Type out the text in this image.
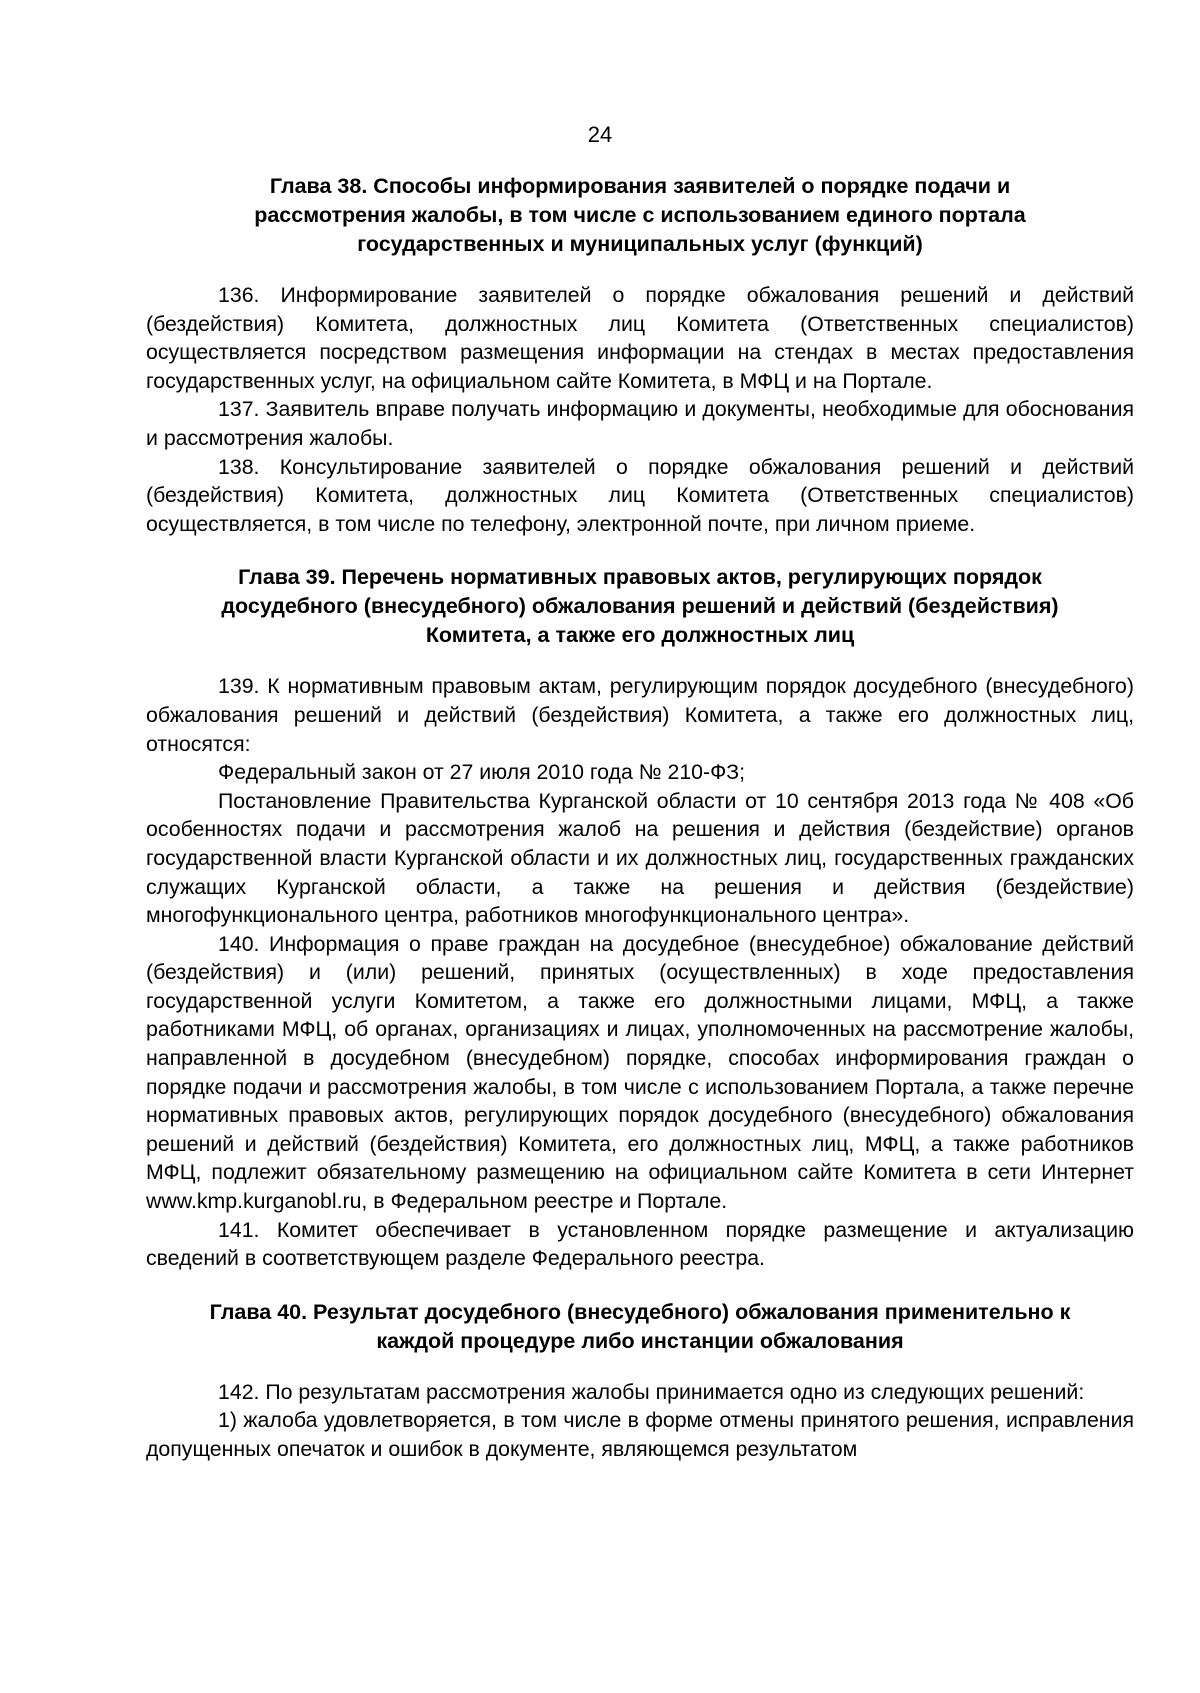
24
Глава 38. Способы информирования заявителей о порядке подачи и
рассмотрения жалобы, в том числе с использованием единого портала
государственных и муниципальных услуг (функций)

136. Информирование заявителей о порядке обжалования решений и действий (бездействия) Комитета, должностных лиц Комитета (Ответственных специалистов) осуществляется посредством размещения информации на стендах в местах предоставления государственных услуг, на официальном сайте Комитета, в МФЦ и на Портале.

137. Заявитель вправе получать информацию и документы, необходимые для обоснования и рассмотрения жалобы.

138. Консультирование заявителей о порядке обжалования решений и действий (бездействия) Комитета, должностных лиц Комитета (Ответственных специалистов) осуществляется, в том числе по телефону, электронной почте, при личном приеме.

Глава 39. Перечень нормативных правовых актов, регулирующих порядок
досудебного (внесудебного) обжалования решений и действий (бездействия)
Комитета, а также его должностных лиц

139. К нормативным правовым актам, регулирующим порядок досудебного (внесудебного) обжалования решений и действий (бездействия) Комитета, а также его должностных лиц, относятся:

Федеральный закон от 27 июля 2010 года № 210-ФЗ;

Постановление Правительства Курганской области от 10 сентября 2013 года № 408 «Об особенностях подачи и рассмотрения жалоб на решения и действия (бездействие) органов государственной власти Курганской области и их должностных лиц, государственных гражданских служащих Курганской области, а также на решения и действия (бездействие) многофункционального центра, работников многофункционального центра».

140. Информация о праве граждан на досудебное (внесудебное) обжалование действий (бездействия) и (или) решений, принятых (осуществленных) в ходе предоставления государственной услуги Комитетом, а также его должностными лицами, МФЦ, а также работниками МФЦ, об органах, организациях и лицах, уполномоченных на рассмотрение жалобы, направленной в досудебном (внесудебном) порядке, способах информирования граждан о порядке подачи и рассмотрения жалобы, в том числе с использованием Портала, а также перечне нормативных правовых актов, регулирующих порядок досудебного (внесудебного) обжалования решений и действий (бездействия) Комитета, его должностных лиц, МФЦ, а также работников МФЦ, подлежит обязательному размещению на официальном сайте Комитета в сети Интернет www.kmp.kurganobl.ru, в Федеральном реестре и Портале.

141. Комитет обеспечивает в установленном порядке размещение и актуализацию сведений в соответствующем разделе Федерального реестра.

Глава 40. Результат досудебного (внесудебного) обжалования применительно к
каждой процедуре либо инстанции обжалования

142. По результатам рассмотрения жалобы принимается одно из следующих решений:

1) жалоба удовлетворяется, в том числе в форме отмены принятого решения, исправления допущенных опечаток и ошибок в документе, являющемся результатом
